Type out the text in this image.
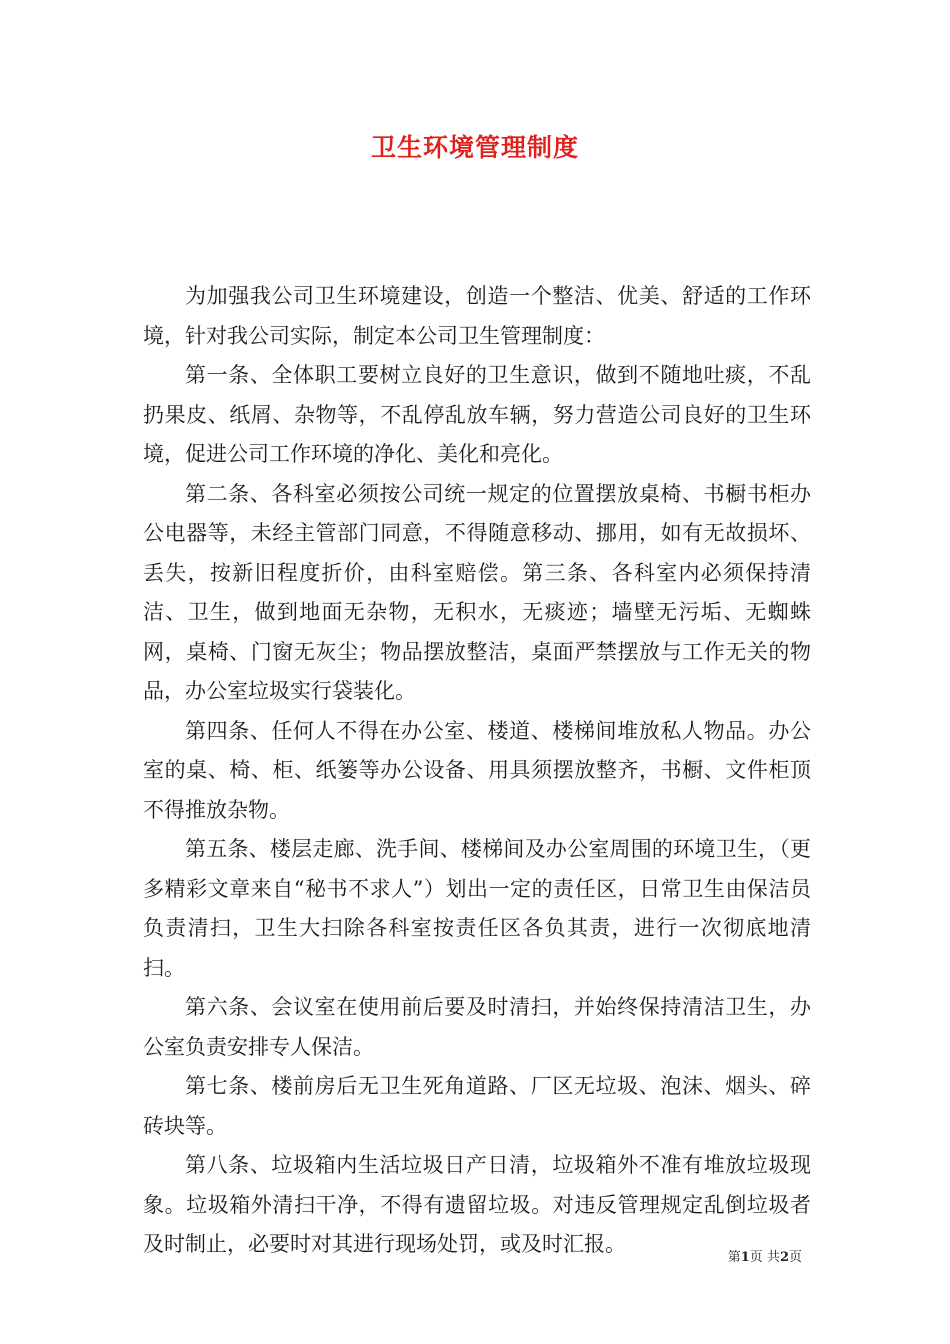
卫生环境管理制度

为加强我公司卫生环境建设，创造一个整洁、优美、舒适的工作环境，针对我公司实际，制定本公司卫生管理制度：

第一条、全体职工要树立良好的卫生意识，做到不随地吐痰，不乱扔果皮、纸屑、杂物等，不乱停乱放车辆，努力营造公司良好的卫生环境，促进公司工作环境的净化、美化和亮化。

第二条、各科室必须按公司统一规定的位置摆放桌椅、书橱书柜办公电器等，未经主管部门同意，不得随意移动、挪用，如有无故损坏、丢失，按新旧程度折价，由科室赔偿。第三条、各科室内必须保持清洁、卫生，做到地面无杂物，无积水，无痰迹；墙壁无污垢、无蜘蛛网，桌椅、门窗无灰尘；物品摆放整洁，桌面严禁摆放与工作无关的物品，办公室垃圾实行袋装化。

第四条、任何人不得在办公室、楼道、楼梯间堆放私人物品。办公室的桌、椅、柜、纸篓等办公设备、用具须摆放整齐，书橱、文件柜顶不得推放杂物。

第五条、楼层走廊、洗手间、楼梯间及办公室周围的环境卫生，（更多精彩文章来自“秘书不求人”）划出一定的责任区，日常卫生由保洁员负责清扫，卫生大扫除各科室按责任区各负其责，进行一次彻底地清扫。

第六条、会议室在使用前后要及时清扫，并始终保持清洁卫生，办公室负责安排专人保洁。

第七条、楼前房后无卫生死角道路、厂区无垃圾、泡沫、烟头、碎砖块等。

第八条、垃圾箱内生活垃圾日产日清，垃圾箱外不准有堆放垃圾现象。垃圾箱外清扫干净，不得有遗留垃圾。对违反管理规定乱倒垃圾者及时制止，必要时对其进行现场处罚，或及时汇报。

第1页 共2页
